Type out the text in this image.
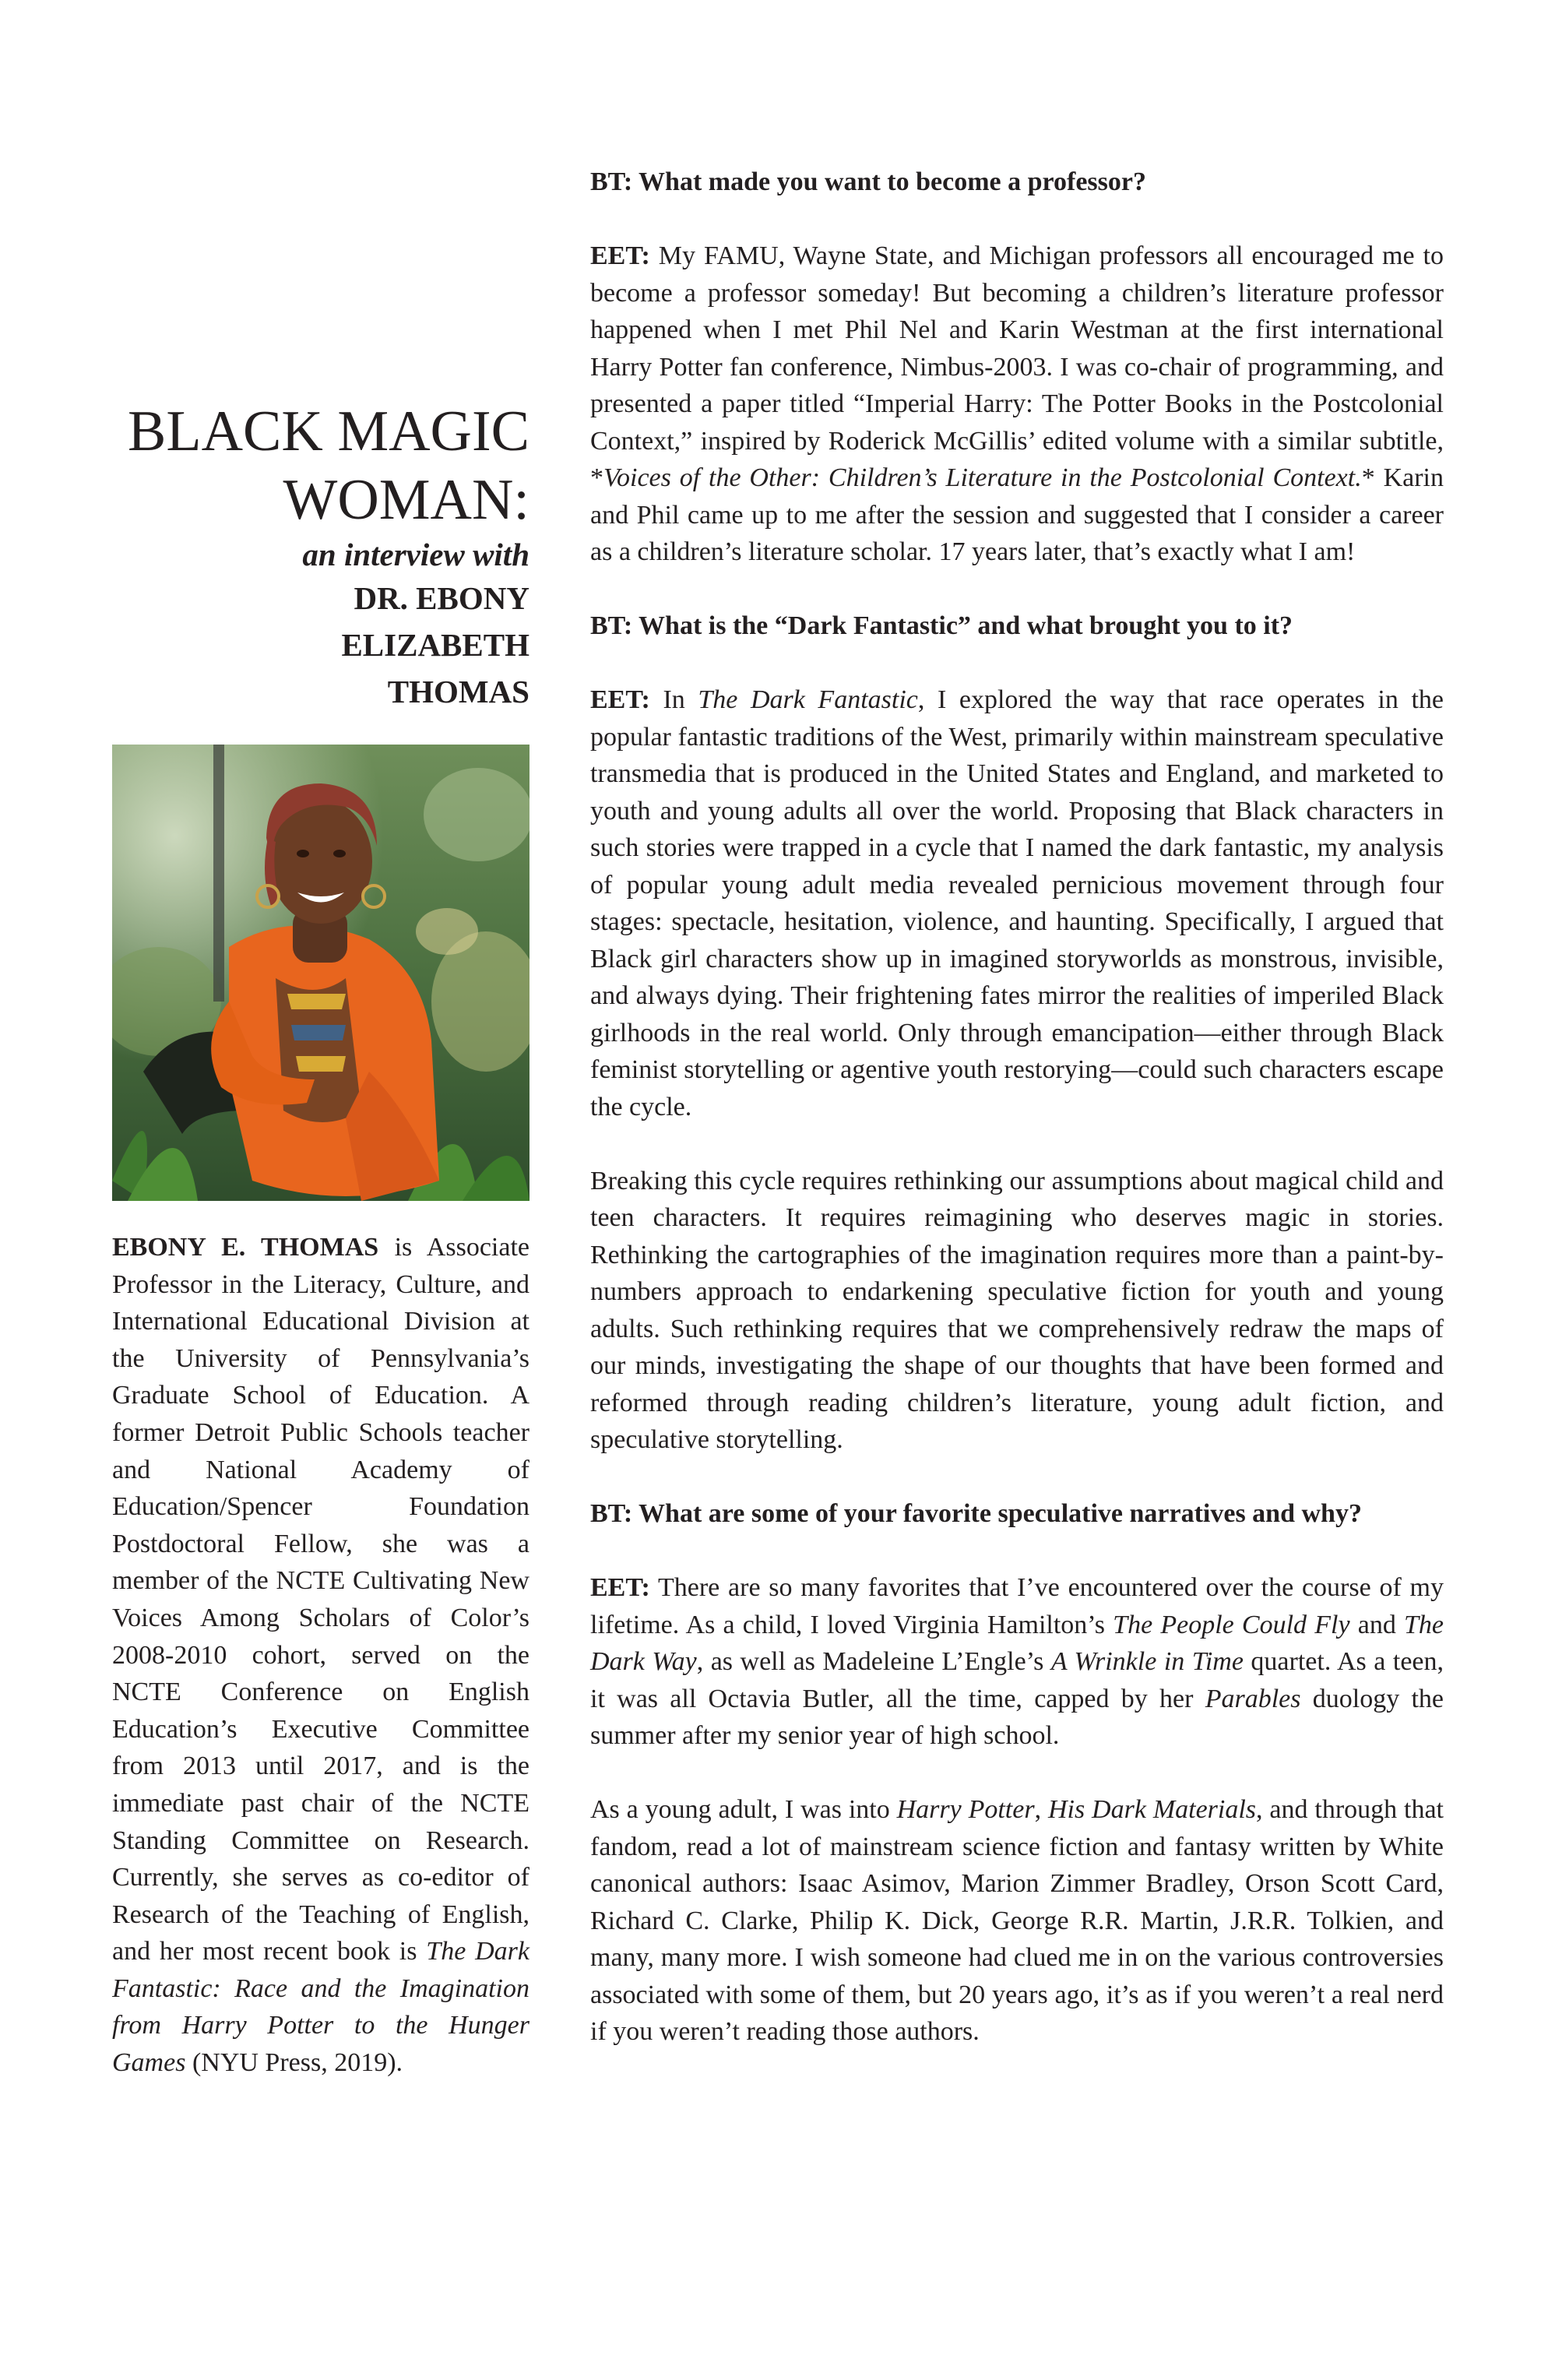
BLACK MAGIC
WOMAN:

an interview with

DR. EBONY
ELIZABETH
THOMAS

EBONY E. THOMAS is Associate Professor in the Literacy, Culture, and International Educational Division at the University of Pennsylvania’s Graduate School of Education. A former Detroit Public Schools teacher and National Academy of Education/Spencer Foundation Postdoctoral Fellow, she was a member of the NCTE Cultivating New Voices Among Scholars of Color’s 2008-2010 cohort, served on the NCTE Conference on English Education’s Executive Committee from 2013 until 2017, and is the immediate past chair of the NCTE Standing Committee on Research. Currently, she serves as co-editor of Research of the Teaching of English, and her most recent book is The Dark Fantastic: Race and the Imagination from Harry Potter to the Hunger Games (NYU Press, 2019).

BT: What made you want to become a professor?

EET: My FAMU, Wayne State, and Michigan professors all encouraged me to become a professor someday! But becoming a children’s literature professor happened when I met Phil Nel and Karin Westman at the first international Harry Potter fan conference, Nimbus-2003. I was co-chair of programming, and presented a paper titled “Imperial Harry: The Potter Books in the Postcolonial Context,” inspired by Roderick McGillis’ edited volume with a similar subtitle, *Voices of the Other: Children’s Literature in the Postcolonial Context.* Karin and Phil came up to me after the session and suggested that I consider a career as a children’s literature scholar. 17 years later, that’s exactly what I am!

BT: What is the “Dark Fantastic” and what brought you to it?

EET: In The Dark Fantastic, I explored the way that race operates in the popular fantastic traditions of the West, primarily within mainstream speculative transmedia that is produced in the United States and England, and marketed to youth and young adults all over the world. Proposing that Black characters in such stories were trapped in a cycle that I named the dark fantastic, my analysis of popular young adult media revealed pernicious movement through four stages: spectacle, hesitation, violence, and haunting. Specifically, I argued that Black girl characters show up in imagined storyworlds as monstrous, invisible, and always dying. Their frightening fates mirror the realities of imperiled Black girlhoods in the real world. Only through emancipation—either through Black feminist storytelling or agentive youth restorying—could such characters escape the cycle.

Breaking this cycle requires rethinking our assumptions about magical child and teen characters. It requires reimagining who deserves magic in stories. Rethinking the cartographies of the imagination requires more than a paint-by-numbers approach to endarkening speculative fiction for youth and young adults. Such rethinking requires that we comprehensively redraw the maps of our minds, investigating the shape of our thoughts that have been formed and reformed through reading children’s literature, young adult fiction, and speculative storytelling.

BT: What are some of your favorite speculative narratives and why?

EET: There are so many favorites that I’ve encountered over the course of my lifetime. As a child, I loved Virginia Hamilton’s The People Could Fly and The Dark Way, as well as Madeleine L’Engle’s A Wrinkle in Time quartet. As a teen, it was all Octavia Butler, all the time, capped by her Parables duology the summer after my senior year of high school.

As a young adult, I was into Harry Potter, His Dark Materials, and through that fandom, read a lot of mainstream science fiction and fantasy written by White canonical authors: Isaac Asimov, Marion Zimmer Bradley, Orson Scott Card, Richard C. Clarke, Philip K. Dick, George R.R. Martin, J.R.R. Tolkien, and many, many more. I wish someone had clued me in on the various controversies associated with some of them, but 20 years ago, it’s as if you weren’t a real nerd if you weren’t reading those authors.
